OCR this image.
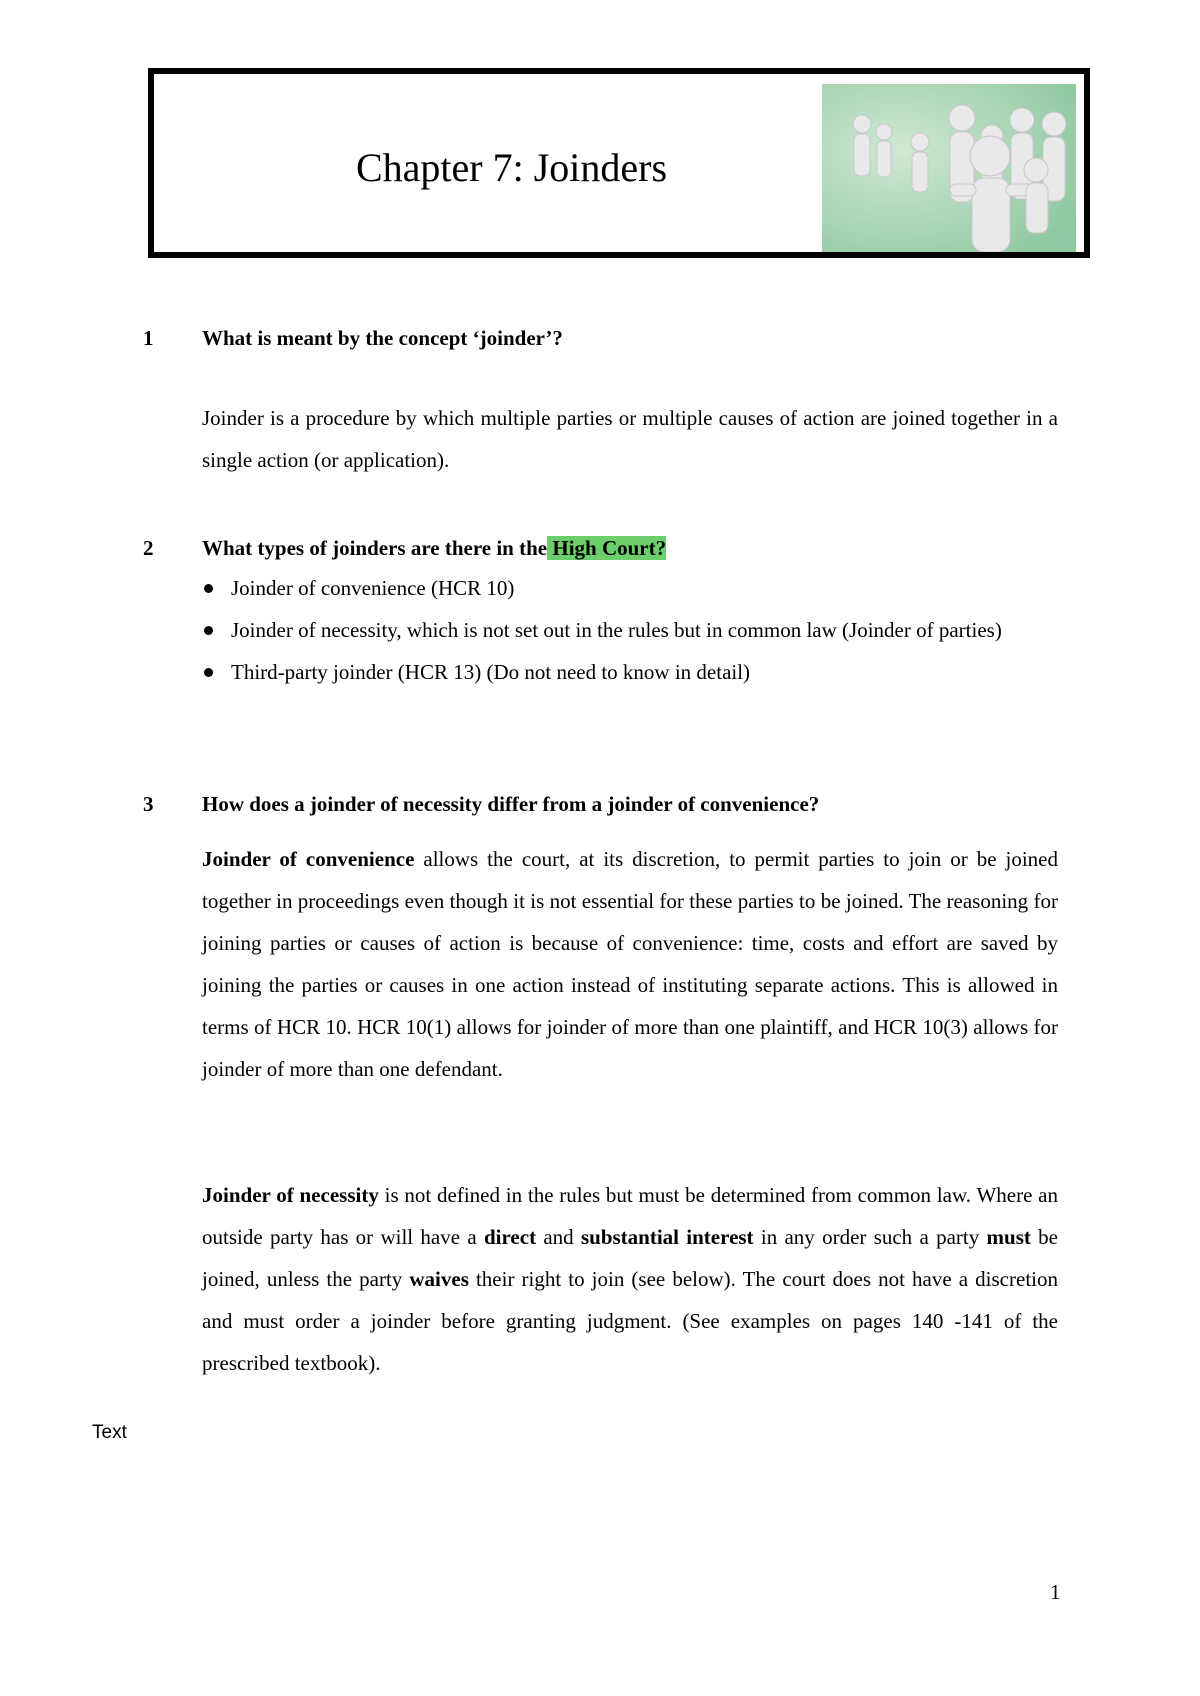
Chapter 7: Joinders
1 What is meant by the concept ‘joinder’?

Joinder is a procedure by which multiple parties or multiple causes of action are joined together in a single action (or application).

2 What types of joinders are there in the High Court?
Joinder of convenience (HCR 10)
Joinder of necessity, which is not set out in the rules but in common law (Joinder of parties)
Third-party joinder (HCR 13) (Do not need to know in detail)
3 How does a joinder of necessity differ from a joinder of convenience?

Joinder of convenience allows the court, at its discretion, to permit parties to join or be joined together in proceedings even though it is not essential for these parties to be joined. The reasoning for joining parties or causes of action is because of convenience: time, costs and effort are saved by joining the parties or causes in one action instead of instituting separate actions. This is allowed in terms of HCR 10. HCR 10(1) allows for joinder of more than one plaintiff, and HCR 10(3) allows for joinder of more than one defendant.

Joinder of necessity is not defined in the rules but must be determined from common law. Where an outside party has or will have a direct and substantial interest in any order such a party must be joined, unless the party waives their right to join (see below). The court does not have a discretion and must order a joinder before granting judgment. (See examples on pages 140 -141 of the prescribed textbook).

Text
1
